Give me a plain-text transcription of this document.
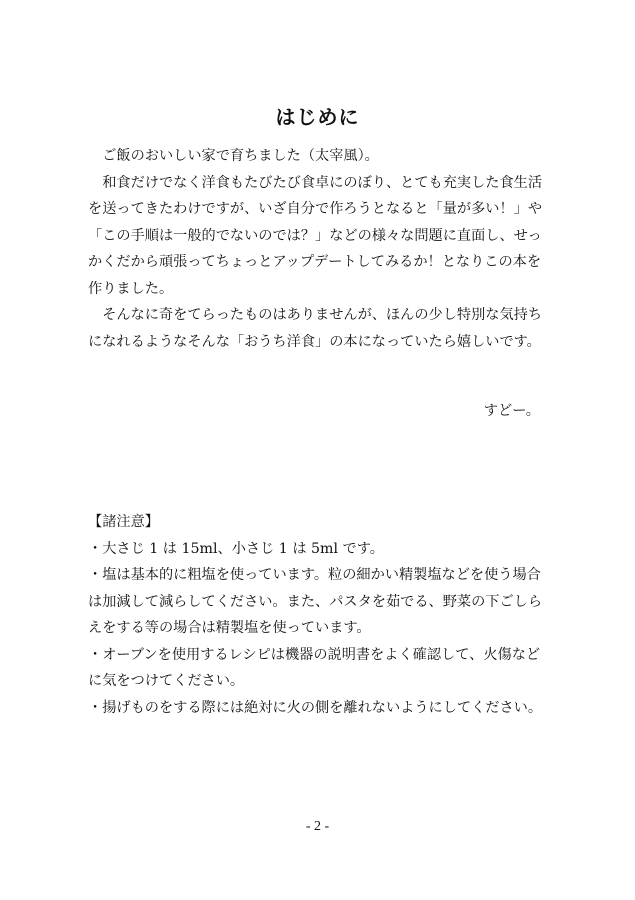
はじめに

ご飯のおいしい家で育ちました（太宰風）。

和食だけでなく洋食もたびたび食卓にのぼり、とても充実した食生活を送ってきたわけですが、いざ自分で作ろうとなると「量が多い！」や「この手順は一般的でないのでは？」などの様々な問題に直面し、せっかくだから頑張ってちょっとアップデートしてみるか！となりこの本を作りました。

そんなに奇をてらったものはありませんが、ほんの少し特別な気持ちになれるようなそんな「おうち洋食」の本になっていたら嬉しいです。

すどー。

【諸注意】

・大さじ 1 は 15ml、小さじ 1 は 5ml です。
・塩は基本的に粗塩を使っています。粒の細かい精製塩などを使う場合は加減して減らしてください。また、パスタを茹でる、野菜の下ごしらえをする等の場合は精製塩を使っています。
・オーブンを使用するレシピは機器の説明書をよく確認して、火傷などに気をつけてください。
・揚げものをする際には絶対に火の側を離れないようにしてください。
- 2 -
